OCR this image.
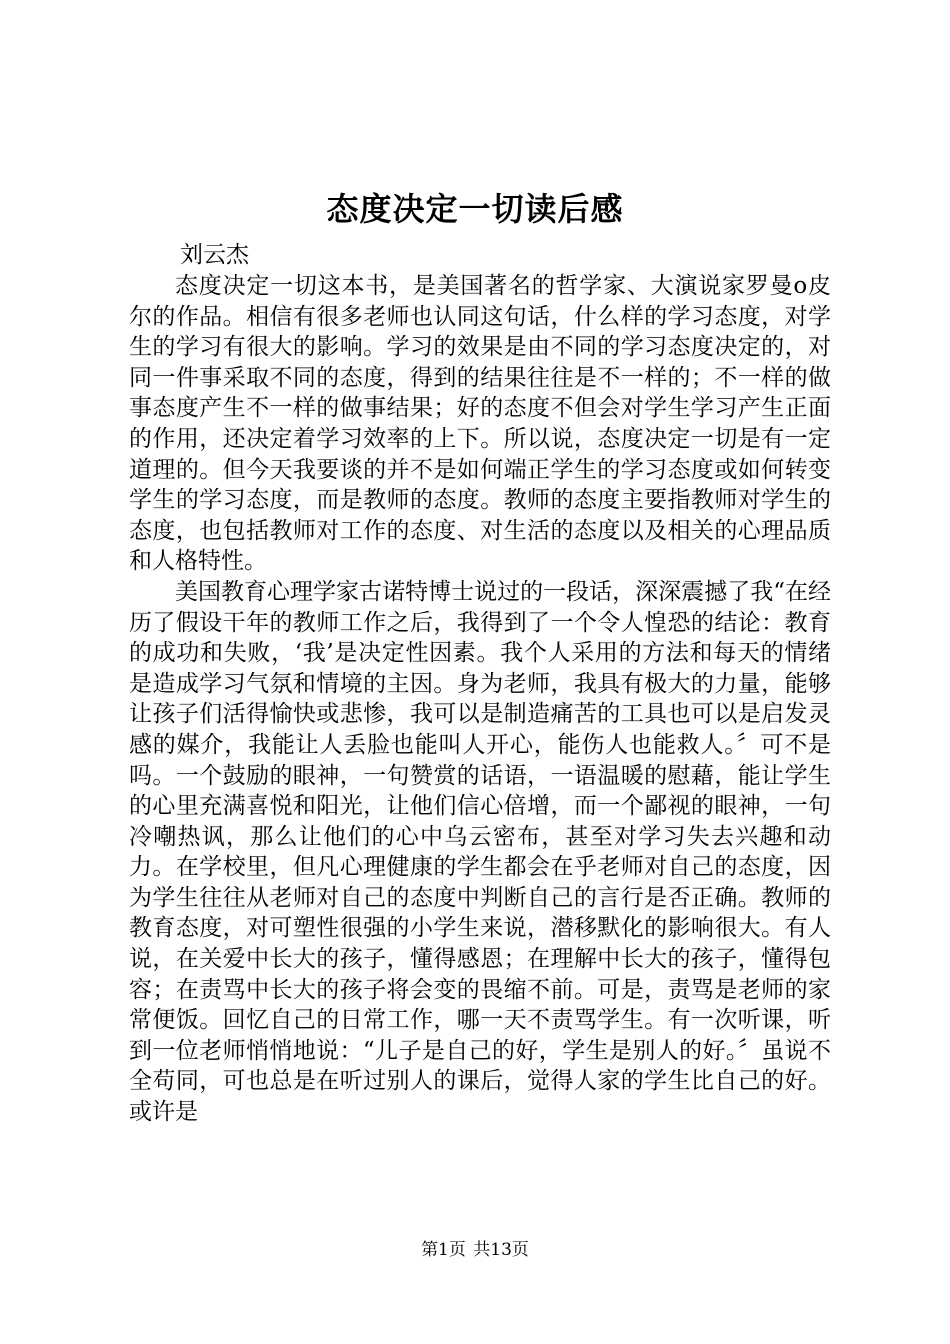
态度决定一切读后感
刘云杰

态度决定一切这本书，是美国著名的哲学家、大演说家罗曼o皮尔的作品。相信有很多老师也认同这句话，什么样的学习态度，对学生的学习有很大的影响。学习的效果是由不同的学习态度决定的，对同一件事采取不同的态度，得到的结果往往是不一样的；不一样的做事态度产生不一样的做事结果；好的态度不但会对学生学习产生正面的作用，还决定着学习效率的上下。所以说，态度决定一切是有一定道理的。但今天我要谈的并不是如何端正学生的学习态度或如何转变学生的学习态度，而是教师的态度。教师的态度主要指教师对学生的态度，也包括教师对工作的态度、对生活的态度以及相关的心理品质和人格特性。

美国教育心理学家古诺特博士说过的一段话，深深震撼了我“在经历了假设干年的教师工作之后，我得到了一个令人惶恐的结论：教育的成功和失败，‘我’是决定性因素。我个人采用的方法和每天的情绪是造成学习气氛和情境的主因。身为老师，我具有极大的力量，能够让孩子们活得愉快或悲惨，我可以是制造痛苦的工具也可以是启发灵感的媒介，我能让人丢脸也能叫人开心，能伤人也能救人。〞可不是吗。一个鼓励的眼神，一句赞赏的话语，一语温暖的慰藉，能让学生的心里充满喜悦和阳光，让他们信心倍增，而一个鄙视的眼神，一句冷嘲热讽，那么让他们的心中乌云密布，甚至对学习失去兴趣和动力。在学校里，但凡心理健康的学生都会在乎老师对自己的态度，因为学生往往从老师对自己的态度中判断自己的言行是否正确。教师的教育态度，对可塑性很强的小学生来说，潜移默化的影响很大。有人说，在关爱中长大的孩子，懂得感恩；在理解中长大的孩子，懂得包容；在责骂中长大的孩子将会变的畏缩不前。可是，责骂是老师的家常便饭。回忆自己的日常工作，哪一天不责骂学生。有一次听课，听到一位老师悄悄地说：“儿子是自己的好，学生是别人的好。〞虽说不全苟同，可也总是在听过别人的课后，觉得人家的学生比自己的好。或许是

第1页 共13页
